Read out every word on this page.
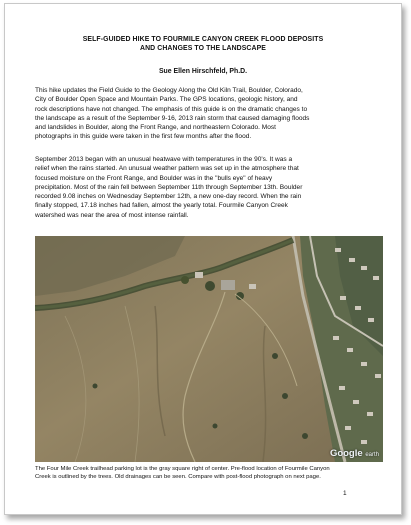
SELF-GUIDED HIKE TO FOURMILE CANYON CREEK FLOOD DEPOSITS
AND CHANGES TO THE LANDSCAPE
Sue Ellen Hirschfeld, Ph.D.
This hike updates the Field Guide to the Geology Along the Old Kiln Trail, Boulder, Colorado,
City of Boulder Open Space and Mountain Parks. The GPS locations, geologic history, and
rock descriptions have not changed. The emphasis of this guide is on the dramatic changes to
the landscape as a result of the September 9-16, 2013 rain storm that caused damaging floods
and landslides in Boulder, along the Front Range, and northeastern Colorado. Most
photographs in this guide were taken in the first few months after the flood.
September 2013 began with an unusual heatwave with temperatures in the 90's. It was a
relief when the rains started. An unusual weather pattern was set up in the atmosphere that
focused moisture on the Front Range, and Boulder was in the "bulls eye" of heavy
precipitation. Most of the rain fell between September 11th through September 13th. Boulder
recorded 9.08 inches on Wednesday September 12th, a new one-day record. When the rain
finally stopped, 17.18 inches had fallen, almost the yearly total. Fourmile Canyon Creek
watershed was near the area of most intense rainfall.
Google earth
The Four Mile Creek trailhead parking lot is the gray square right of center. Pre-flood location of Fourmile Canyon
Creek is outlined by the trees. Old drainages can be seen. Compare with post-flood photograph on next page.
1
